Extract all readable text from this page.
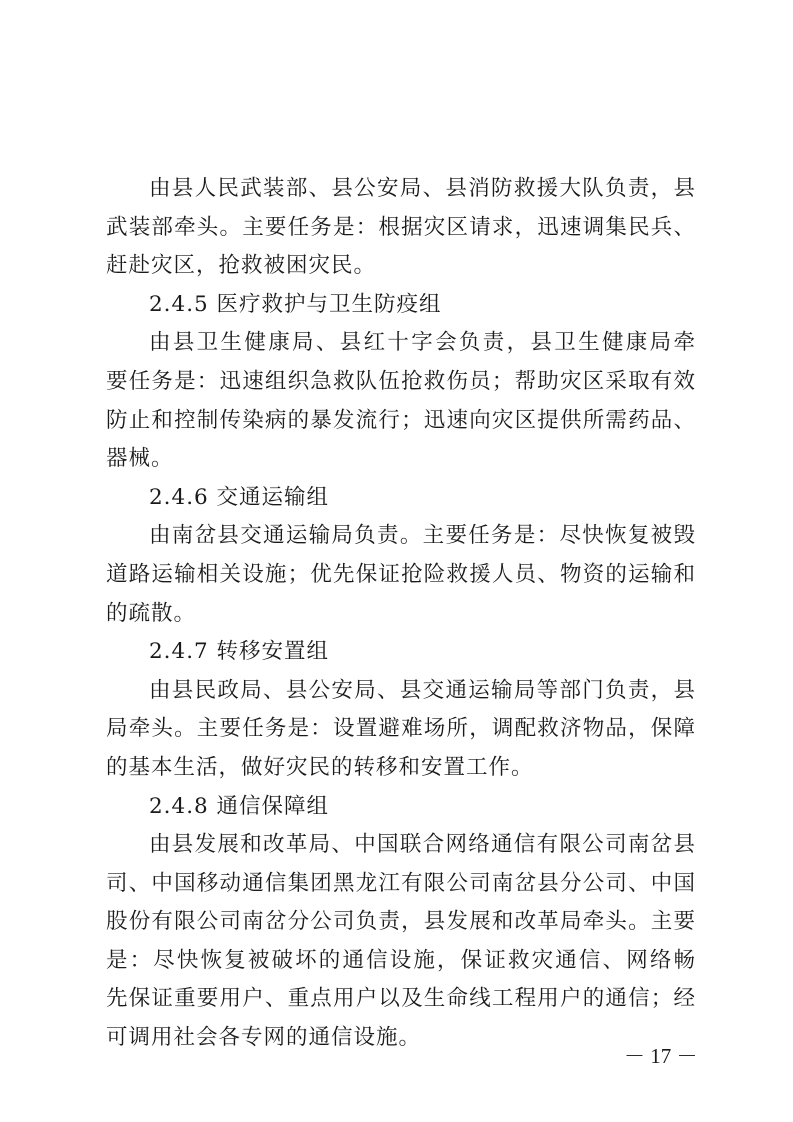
由县人民武装部、县公安局、县消防救援大队负责，县
武装部牵头。主要任务是：根据灾区请求，迅速调集民兵、
赶赴灾区，抢救被困灾民。
2.4.5 医疗救护与卫生防疫组
由县卫生健康局、县红十字会负责，县卫生健康局牵
要任务是：迅速组织急救队伍抢救伤员；帮助灾区采取有效
防止和控制传染病的暴发流行；迅速向灾区提供所需药品、
器械。
2.4.6 交通运输组
由南岔县交通运输局负责。主要任务是：尽快恢复被毁
道路运输相关设施；优先保证抢险救援人员、物资的运输和
的疏散。
2.4.7 转移安置组
由县民政局、县公安局、县交通运输局等部门负责，县
局牵头。主要任务是：设置避难场所，调配救济物品，保障
的基本生活，做好灾民的转移和安置工作。
2.4.8 通信保障组
由县发展和改革局、中国联合网络通信有限公司南岔县
司、中国移动通信集团黑龙江有限公司南岔县分公司、中国
股份有限公司南岔分公司负责，县发展和改革局牵头。主要
是：尽快恢复被破坏的通信设施，保证救灾通信、网络畅
先保证重要用户、重点用户以及生命线工程用户的通信；经
可调用社会各专网的通信设施。
－ 17 －
